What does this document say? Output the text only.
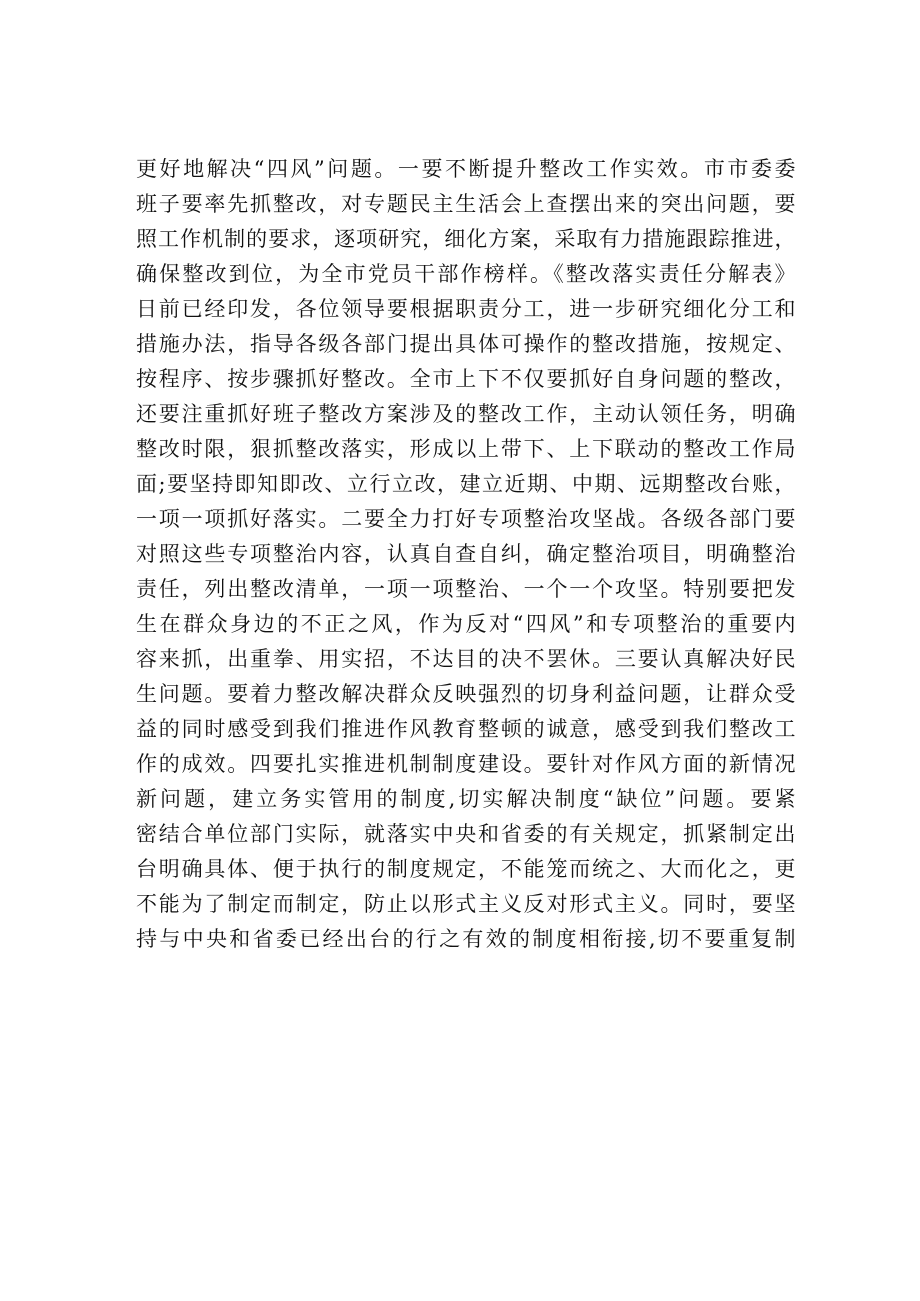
更好地解决“四风”问题。一要不断提升整改工作实效。市市委委
班子要率先抓整改，对专题民主生活会上查摆出来的突出问题，要
照工作机制的要求，逐项研究，细化方案，采取有力措施跟踪推进，
确保整改到位，为全市党员干部作榜样。《整改落实责任分解表》
日前已经印发，各位领导要根据职责分工，进一步研究细化分工和
措施办法，指导各级各部门提出具体可操作的整改措施，按规定、
按程序、按步骤抓好整改。全市上下不仅要抓好自身问题的整改，
还要注重抓好班子整改方案涉及的整改工作，主动认领任务，明确
整改时限，狠抓整改落实，形成以上带下、上下联动的整改工作局
面;要坚持即知即改、立行立改，建立近期、中期、远期整改台账，
一项一项抓好落实。二要全力打好专项整治攻坚战。各级各部门要
对照这些专项整治内容，认真自查自纠，确定整治项目，明确整治
责任，列出整改清单，一项一项整治、一个一个攻坚。特别要把发
生在群众身边的不正之风，作为反对“四风”和专项整治的重要内
容来抓，出重拳、用实招，不达目的决不罢休。三要认真解决好民
生问题。要着力整改解决群众反映强烈的切身利益问题，让群众受
益的同时感受到我们推进作风教育整顿的诚意，感受到我们整改工
作的成效。四要扎实推进机制制度建设。要针对作风方面的新情况
新问题，建立务实管用的制度,切实解决制度“缺位”问题。要紧
密结合单位部门实际，就落实中央和省委的有关规定，抓紧制定出
台明确具体、便于执行的制度规定，不能笼而统之、大而化之，更
不能为了制定而制定，防止以形式主义反对形式主义。同时，要坚
持与中央和省委已经出台的行之有效的制度相衔接,切不要重复制
